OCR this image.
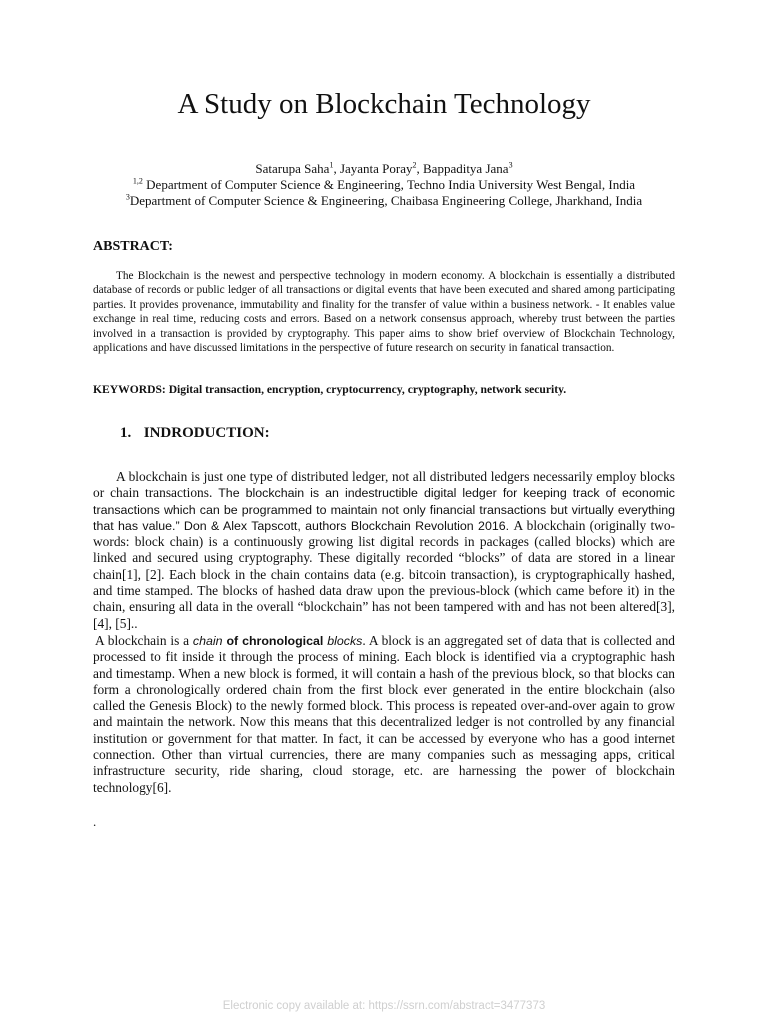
A Study on Blockchain Technology
Satarupa Saha$^1$, Jayanta Poray$^2$, Bappaditya Jana$^3$
$^{1,2}$ Department of Computer Science & Engineering, Techno India University West Bengal, India
$^3$Department of Computer Science & Engineering, Chaibasa Engineering College, Jharkhand, India
ABSTRACT:

The Blockchain is the newest and perspective technology in modern economy. A blockchain is essentially a distributed database of records or public ledger of all transactions or digital events that have been executed and shared among participating parties. It provides provenance, immutability and finality for the transfer of value within a business network. - It enables value exchange in real time, reducing costs and errors. Based on a network consensus approach, whereby trust between the parties involved in a transaction is provided by cryptography. This paper aims to show brief overview of Blockchain Technology, applications and have discussed limitations in the perspective of future research on security in fanatical transaction.

KEYWORDS: Digital transaction, encryption, cryptocurrency, cryptography, network security.
1. INDRODUCTION:

A blockchain is just one type of distributed ledger, not all distributed ledgers necessarily employ blocks or chain transactions. The blockchain is an indestructible digital ledger for keeping track of economic transactions which can be programmed to maintain not only financial transactions but virtually everything that has value.” Don & Alex Tapscott, authors Blockchain Revolution 2016. A blockchain (originally two-words: block chain) is a continuously growing list digital records in packages (called blocks) which are linked and secured using cryptography. These digitally recorded “blocks” of data are stored in a linear chain[1], [2]. Each block in the chain contains data (e.g. bitcoin transaction), is cryptographically hashed, and time stamped. The blocks of hashed data draw upon the previous-block (which came before it) in the chain, ensuring all data in the overall “blockchain” has not been tampered with and has not been altered[3], [4], [5]..

A blockchain is a chain of chronological blocks. A block is an aggregated set of data that is collected and processed to fit inside it through the process of mining. Each block is identified via a cryptographic hash and timestamp. When a new block is formed, it will contain a hash of the previous block, so that blocks can form a chronologically ordered chain from the first block ever generated in the entire blockchain (also called the Genesis Block) to the newly formed block. This process is repeated over-and-over again to grow and maintain the network. Now this means that this decentralized ledger is not controlled by any financial institution or government for that matter. In fact, it can be accessed by everyone who has a good internet connection. Other than virtual currencies, there are many companies such as messaging apps, critical infrastructure security, ride sharing, cloud storage, etc. are harnessing the power of blockchain technology[6].

.
Electronic copy available at: https://ssrn.com/abstract=3477373
